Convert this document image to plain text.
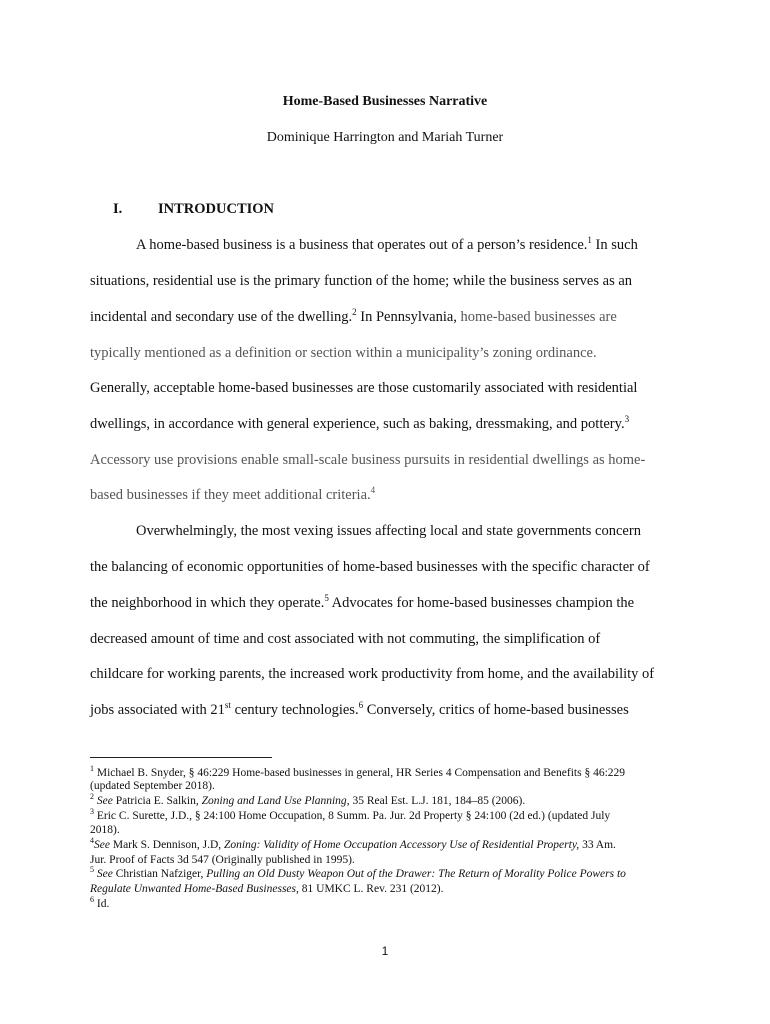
Home-Based Businesses Narrative
Dominique Harrington and Mariah Turner
I. INTRODUCTION
A home-based business is a business that operates out of a person’s residence.$^1$ In such
situations, residential use is the primary function of the home; while the business serves as an
incidental and secondary use of the dwelling.$^2$ In Pennsylvania, home-based businesses are
typically mentioned as a definition or section within a municipality’s zoning ordinance.
Generally, acceptable home-based businesses are those customarily associated with residential
dwellings, in accordance with general experience, such as baking, dressmaking, and pottery.$^3$
Accessory use provisions enable small-scale business pursuits in residential dwellings as home-
based businesses if they meet additional criteria.$^4$
Overwhelmingly, the most vexing issues affecting local and state governments concern
the balancing of economic opportunities of home-based businesses with the specific character of
the neighborhood in which they operate.$^5$ Advocates for home-based businesses champion the
decreased amount of time and cost associated with not commuting, the simplification of
childcare for working parents, the increased work productivity from home, and the availability of
jobs associated with 21st century technologies.$^6$ Conversely, critics of home-based businesses
$^1$ Michael B. Snyder, § 46:229 Home-based businesses in general, HR Series 4 Compensation and Benefits § 46:229
(updated September 2018).
$^2$ See Patricia E. Salkin, Zoning and Land Use Planning, 35 Real Est. L.J. 181, 184–85 (2006).
$^3$ Eric C. Surette, J.D., § 24:100 Home Occupation, 8 Summ. Pa. Jur. 2d Property § 24:100 (2d ed.) (updated July
2018).
$^4$See Mark S. Dennison, J.D, Zoning: Validity of Home Occupation Accessory Use of Residential Property, 33 Am.
Jur. Proof of Facts 3d 547 (Originally published in 1995).
$^5$ See Christian Nafziger, Pulling an Old Dusty Weapon Out of the Drawer: The Return of Morality Police Powers to
Regulate Unwanted Home-Based Businesses, 81 UMKC L. Rev. 231 (2012).
$^6$ Id.
1
